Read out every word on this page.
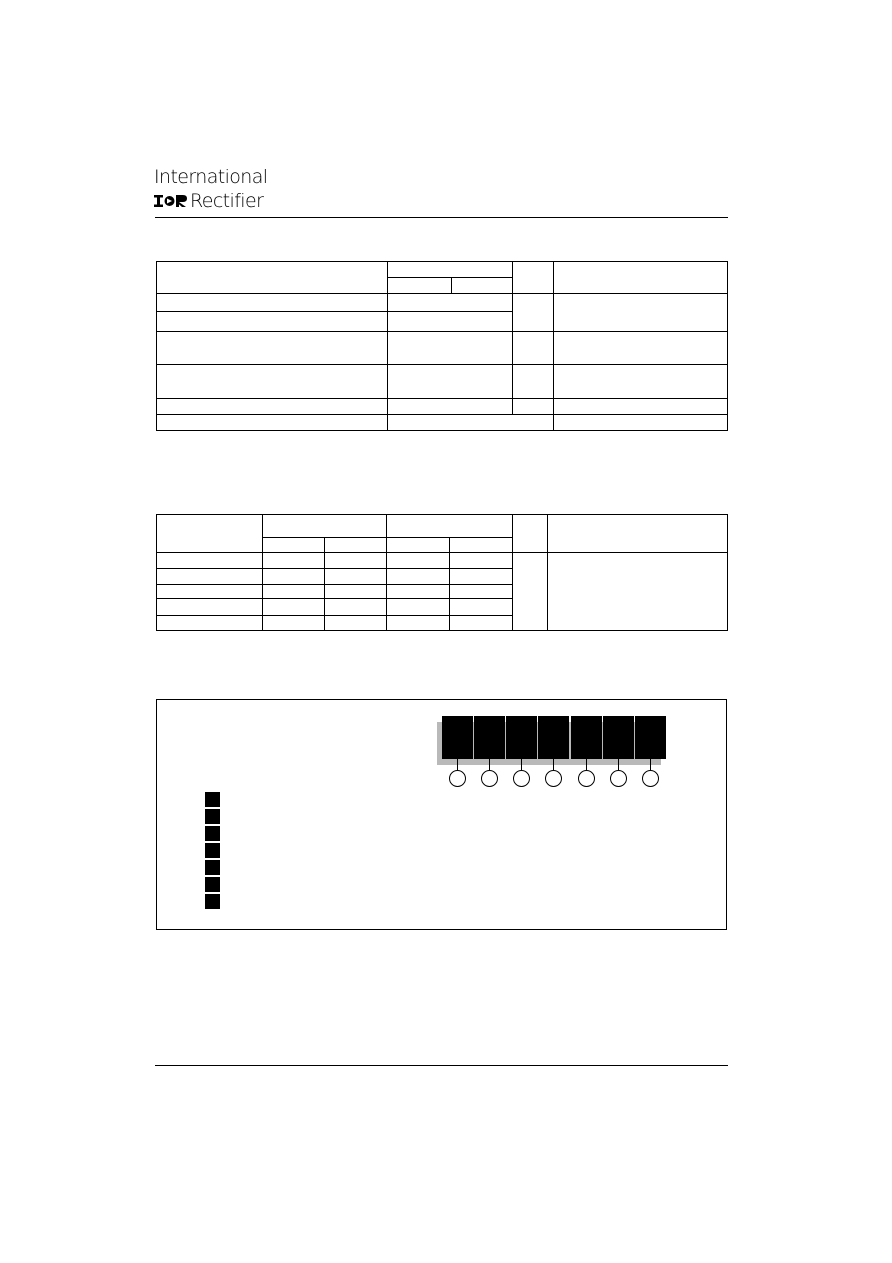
International
Rectifier
